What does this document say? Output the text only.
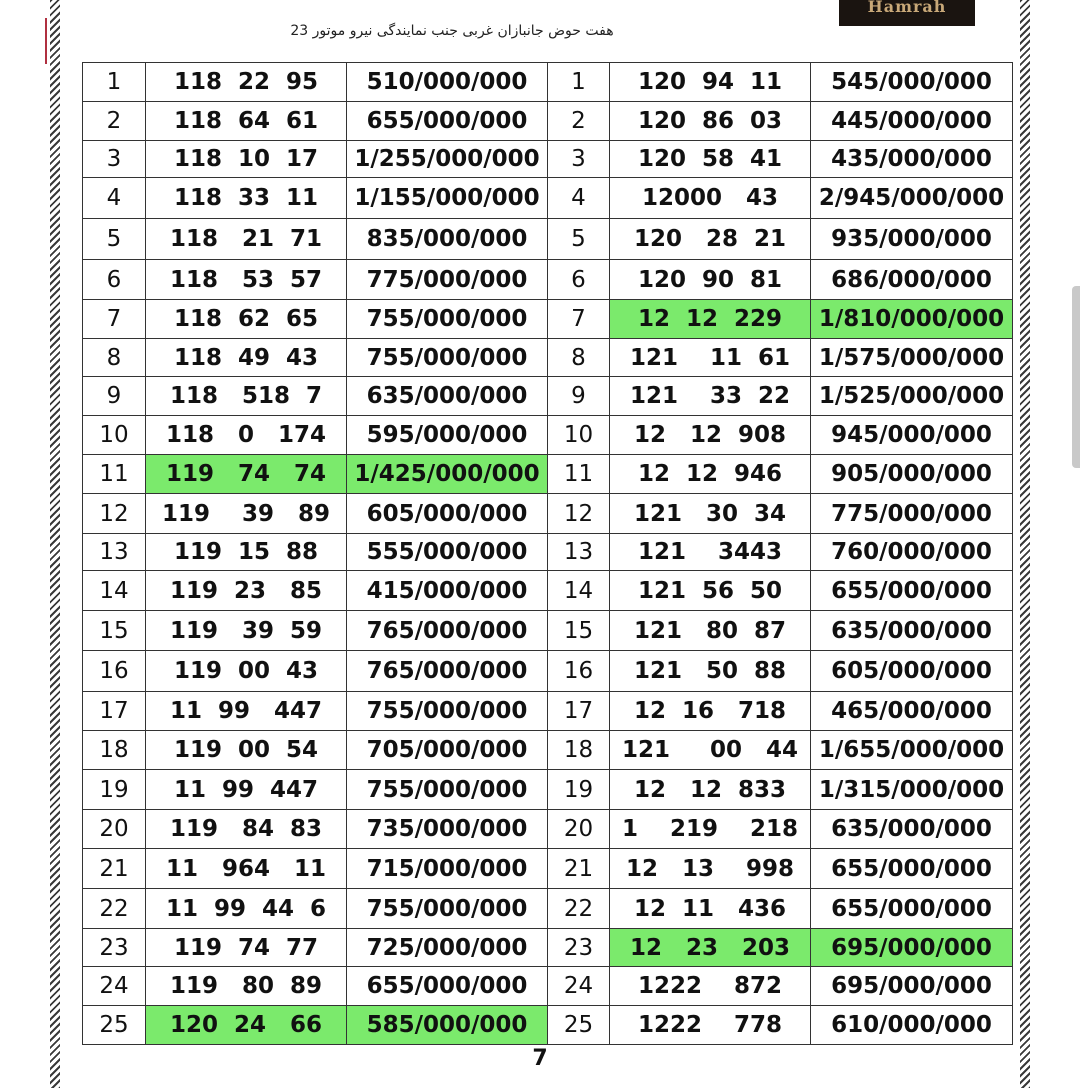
Hamrah
هفت حوض جانبازان غربی جنب نمایندگی نیرو موتور 23
1	118  22  95	510/000/000	1	120  94  11	545/000/000
2	118  64  61	655/000/000	2	120  86  03	445/000/000
3	118  10  17	1/255/000/000	3	120  58  41	435/000/000
4	118  33  11	1/155/000/000	4	12000   43	2/945/000/000
5	118   21  71	835/000/000	5	120   28  21	935/000/000
6	118   53  57	775/000/000	6	120  90  81	686/000/000
7	118  62  65	755/000/000	7	12  12  229	1/810/000/000
8	118  49  43	755/000/000	8	121    11  61	1/575/000/000
9	118   518  7	635/000/000	9	121    33  22	1/525/000/000
10	118   0   174	595/000/000	10	12   12  908	945/000/000
11	119   74   74	1/425/000/000	11	12  12  946	905/000/000
12	119    39   89	605/000/000	12	121   30  34	775/000/000
13	119  15  88	555/000/000	13	121    3443	760/000/000
14	119  23   85	415/000/000	14	121  56  50	655/000/000
15	119   39  59	765/000/000	15	121   80  87	635/000/000
16	119  00  43	765/000/000	16	121   50  88	605/000/000
17	11  99   447	755/000/000	17	12  16   718	465/000/000
18	119  00  54	705/000/000	18	121     00   44	1/655/000/000
19	11  99  447	755/000/000	19	12   12  833	1/315/000/000
20	119   84  83	735/000/000	20	1    219    218	635/000/000
21	11   964   11	715/000/000	21	12   13    998	655/000/000
22	11  99  44  6	755/000/000	22	12  11   436	655/000/000
23	119  74  77	725/000/000	23	12   23   203	695/000/000
24	119   80  89	655/000/000	24	1222    872	695/000/000
25	120  24   66	585/000/000	25	1222    778	610/000/000
7
